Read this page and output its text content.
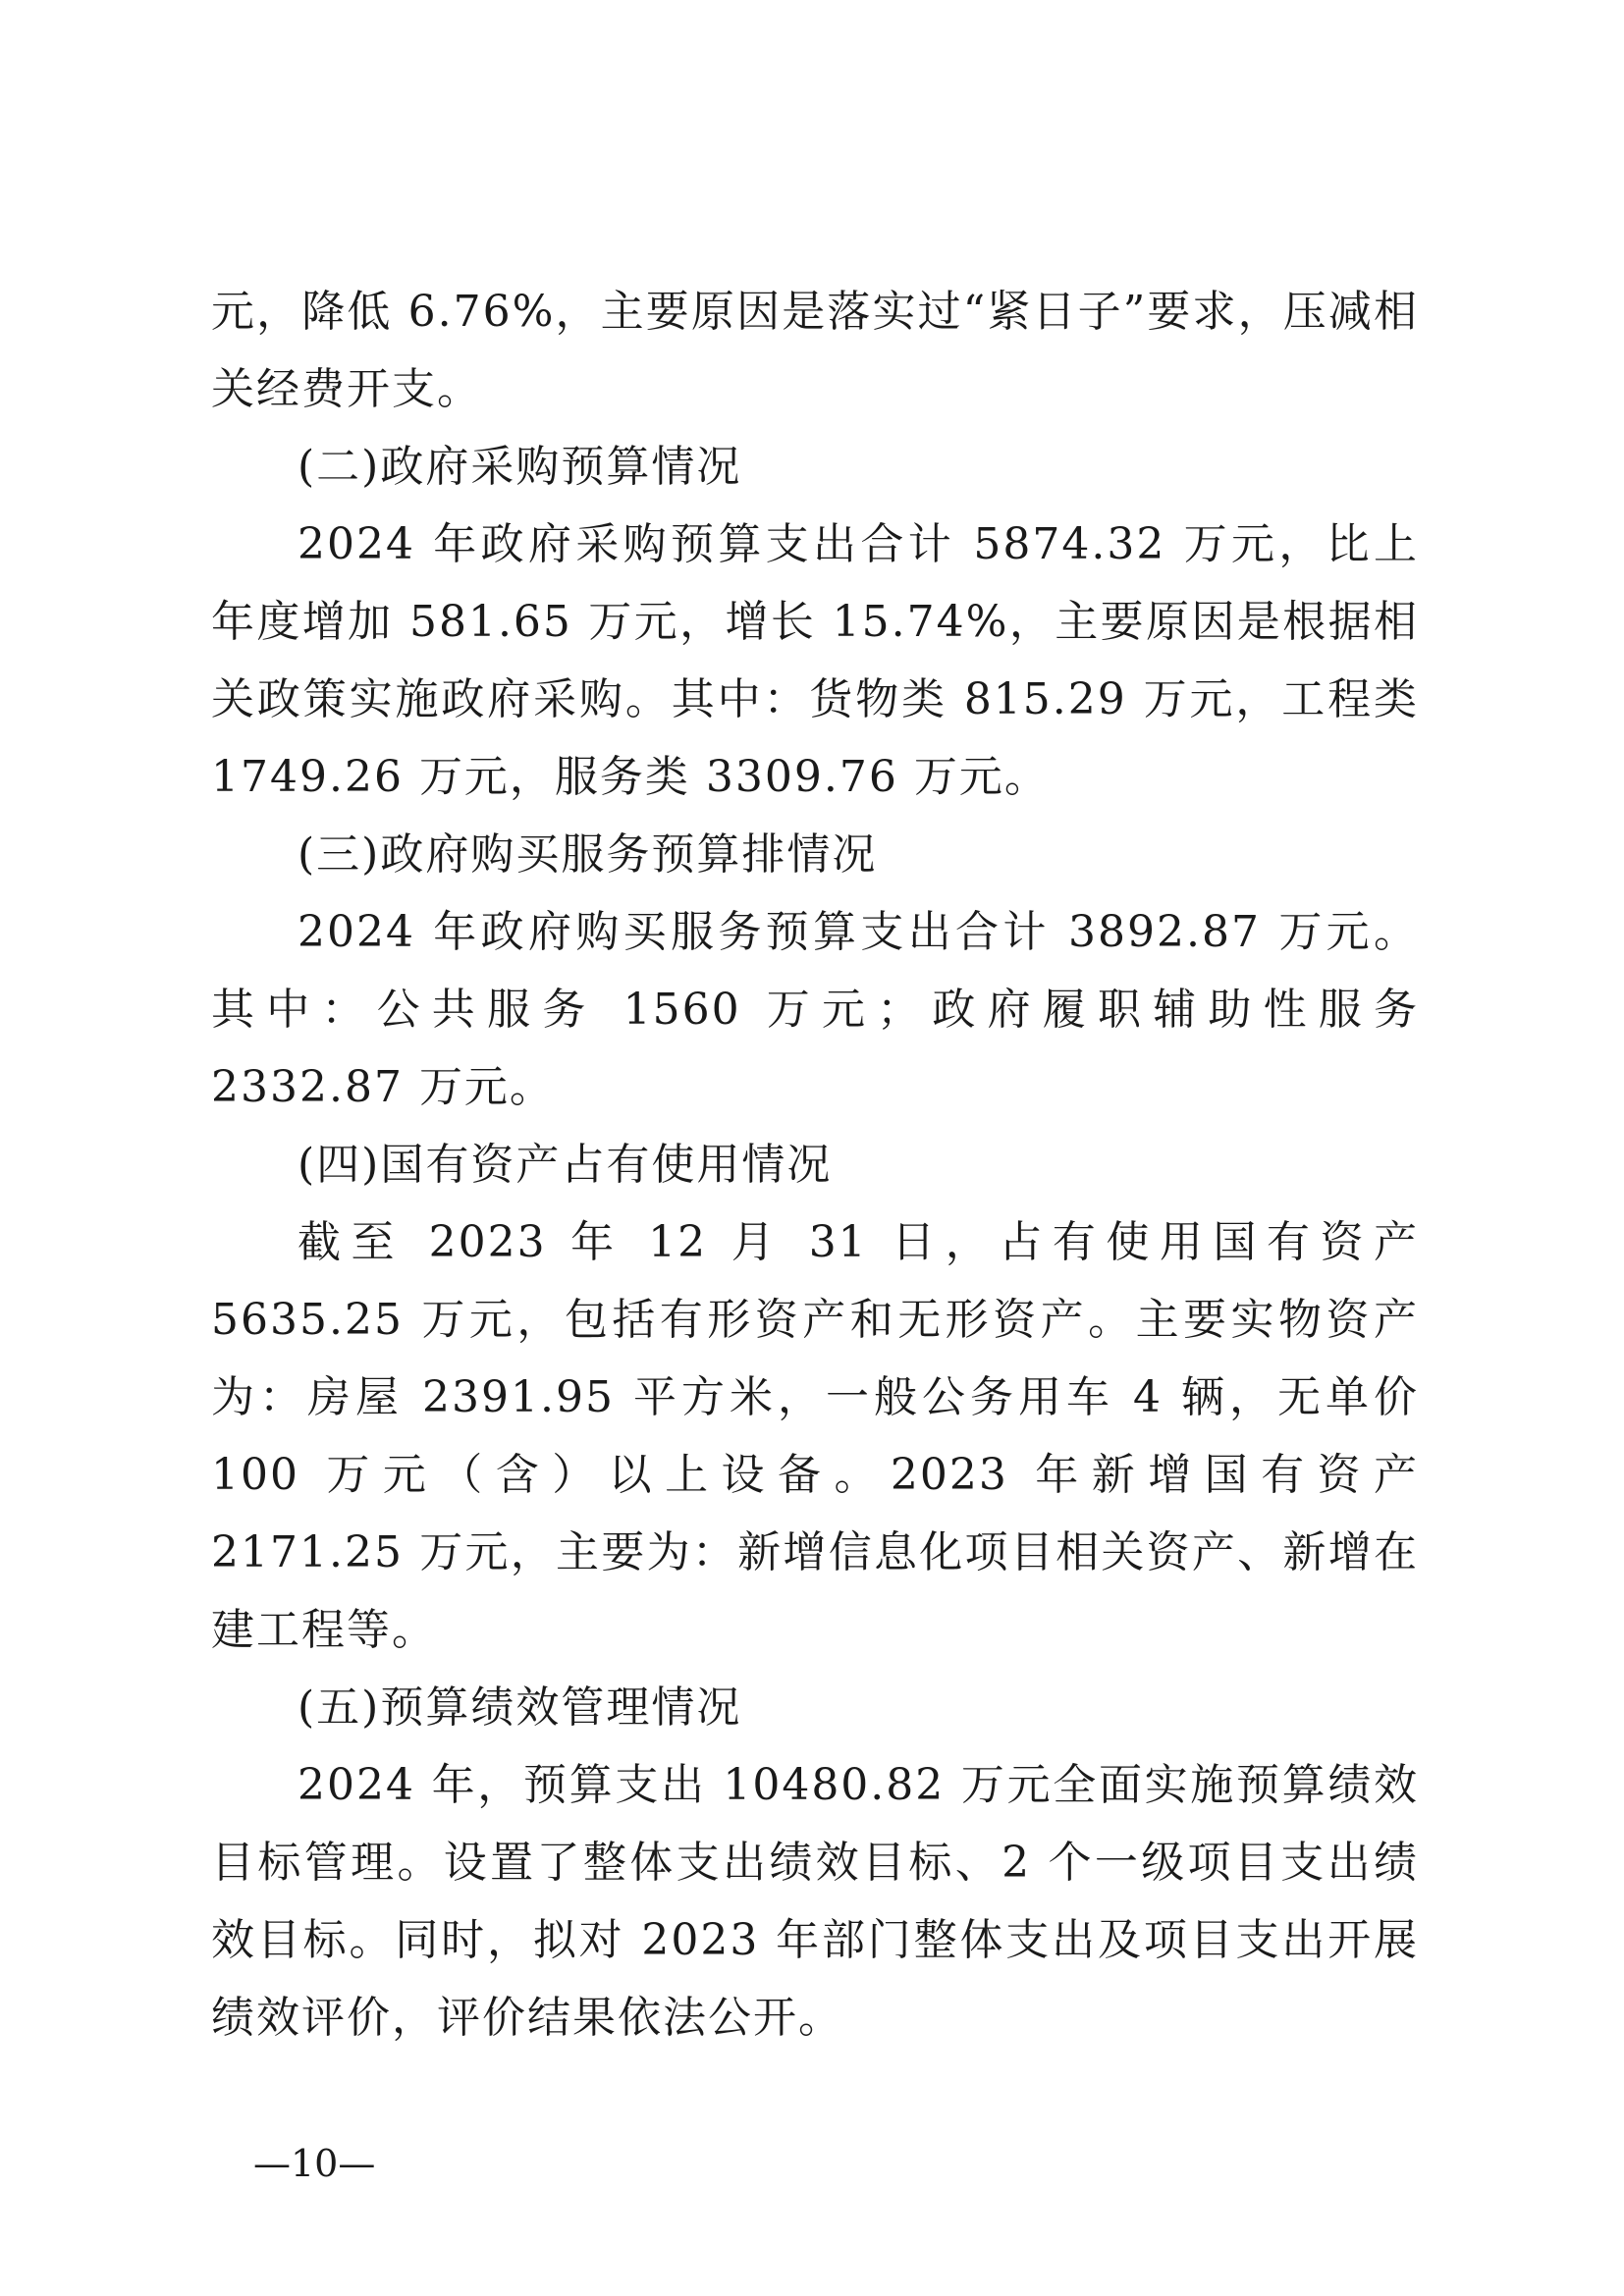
元，降低 6.76%，主要原因是落实过“紧日子”要求，压减相关经费开支。

(二)政府采购预算情况

2024 年政府采购预算支出合计 5874.32 万元，比上年度增加 581.65 万元，增长 15.74%，主要原因是根据相关政策实施政府采购。其中：货物类 815.29 万元，工程类 1749.26 万元，服务类 3309.76 万元。

(三)政府购买服务预算排情况

2024 年政府购买服务预算支出合计 3892.87 万元。其中：公共服务 1560 万元；政府履职辅助性服务 2332.87 万元。

(四)国有资产占有使用情况

截至 2023 年 12 月 31 日，占有使用国有资产 5635.25 万元，包括有形资产和无形资产。主要实物资产为：房屋 2391.95 平方米，一般公务用车 4 辆，无单价 100 万元（含）以上设备。2023 年新增国有资产 2171.25 万元，主要为：新增信息化项目相关资产、新增在建工程等。

(五)预算绩效管理情况

2024 年，预算支出 10480.82 万元全面实施预算绩效目标管理。设置了整体支出绩效目标、2 个一级项目支出绩效目标。同时，拟对 2023 年部门整体支出及项目支出开展绩效评价，评价结果依法公开。

—10—
